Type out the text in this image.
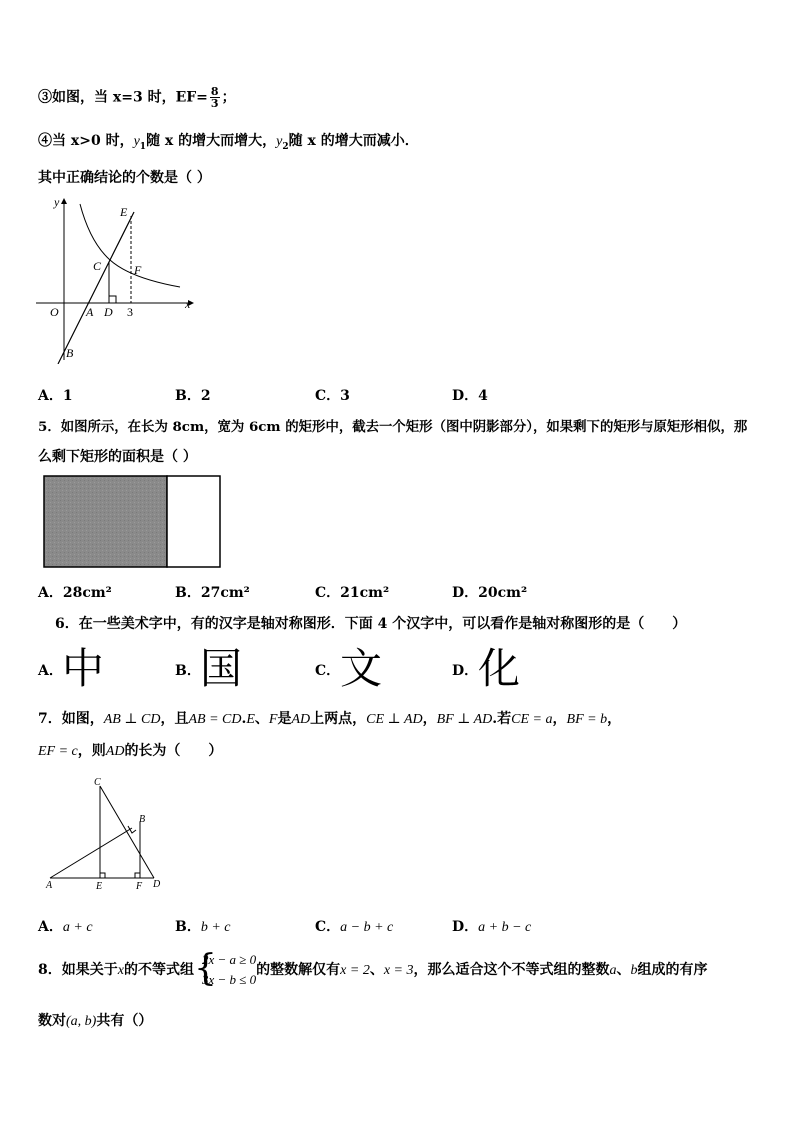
③如图，当 x=3 时，$EF= \frac{8}{3}$ ；
④当 x>0 时，$y_1$随 x 的增大而增大，$y_2$随 x 的增大而减小．
其中正确结论的个数是（ ）
y
x
O A D 3
B
C
E
F
A．1	B．2	C．3	D．4
5．如图所示，在长为 8cm，宽为 6cm 的矩形中，截去一个矩形（图中阴影部分），如果剩下的矩形与原矩形相似，那
么剩下矩形的面积是（ ）
A．28cm²	B．27cm²	C．21cm²	D．20cm²
6．在一些美术字中，有的汉字是轴对称图形．下面 4 个汉字中，可以看作是轴对称图形的是（　　）
A． 中	B． 国	C． 文	D． 化
7．如图，AB ⊥ CD，且AB = CD.E、F是AD上两点，CE ⊥ AD，BF ⊥ AD.若CE = a，BF = b，
EF = c，则AD的长为（　　）
C
B
A	E	F D
A．a + c	B．b + c	C．a − b + c	D．a + b − c
8．如果关于x的不等式组 {
2x − a ≥ 0
3x − b ≤ 0
的整数解仅有x = 2、x = 3，那么适合这个不等式组的整数a、b组成的有序
数对(a, b)共有（）
